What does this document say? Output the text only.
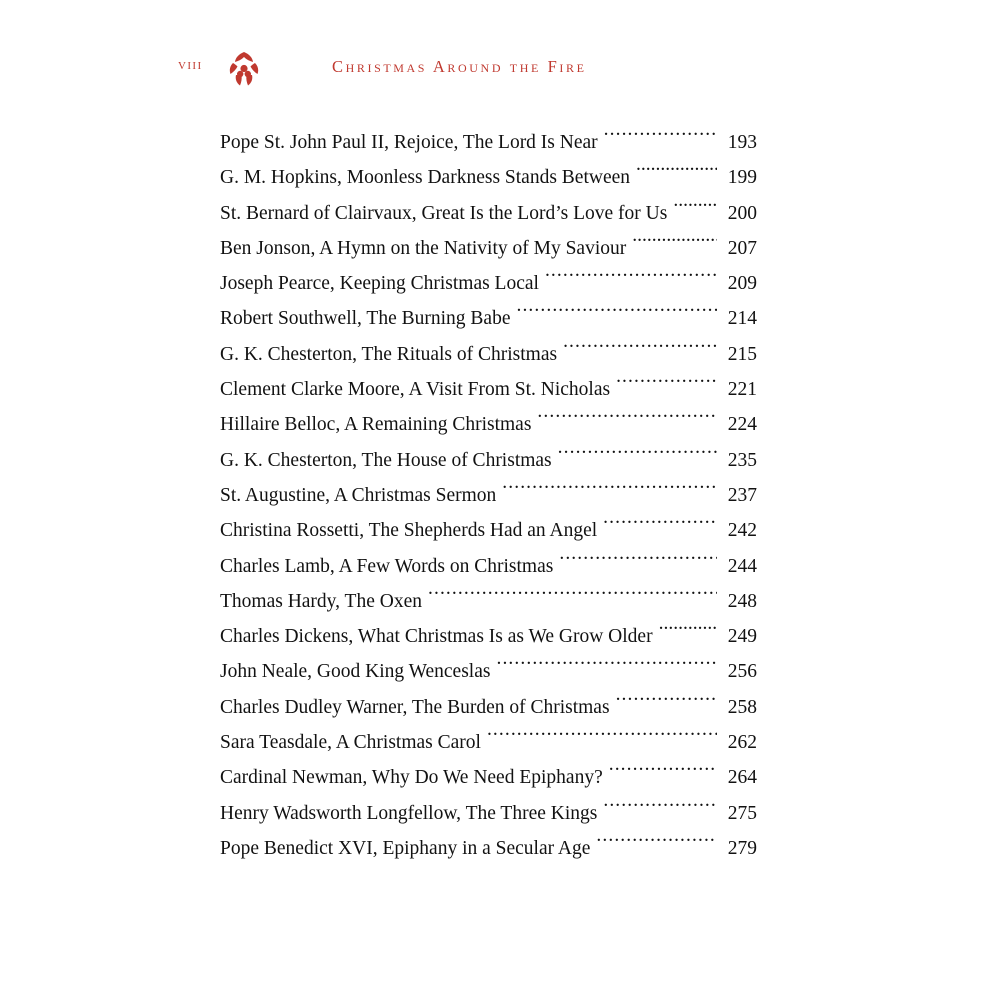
viii	Christmas Around the Fire
Pope St. John Paul II, Rejoice, The Lord Is Near .....	193
G. M. Hopkins, Moonless Darkness Stands Between .....	199
St. Bernard of Clairvaux, Great Is the Lord’s Love for Us .....	200
Ben Jonson, A Hymn on the Nativity of My Saviour .....	207
Joseph Pearce, Keeping Christmas Local .....	209
Robert Southwell, The Burning Babe .....	214
G. K. Chesterton, The Rituals of Christmas .....	215
Clement Clarke Moore, A Visit From St. Nicholas .....	221
Hillaire Belloc, A Remaining Christmas .....	224
G. K. Chesterton, The House of Christmas .....	235
St. Augustine, A Christmas Sermon .....	237
Christina Rossetti, The Shepherds Had an Angel .....	242
Charles Lamb, A Few Words on Christmas .....	244
Thomas Hardy, The Oxen .....	248
Charles Dickens, What Christmas Is as We Grow Older .....	249
John Neale, Good King Wenceslas .....	256
Charles Dudley Warner, The Burden of Christmas .....	258
Sara Teasdale, A Christmas Carol .....	262
Cardinal Newman, Why Do We Need Epiphany? .....	264
Henry Wadsworth Longfellow, The Three Kings .....	275
Pope Benedict XVI, Epiphany in a Secular Age .....	279
